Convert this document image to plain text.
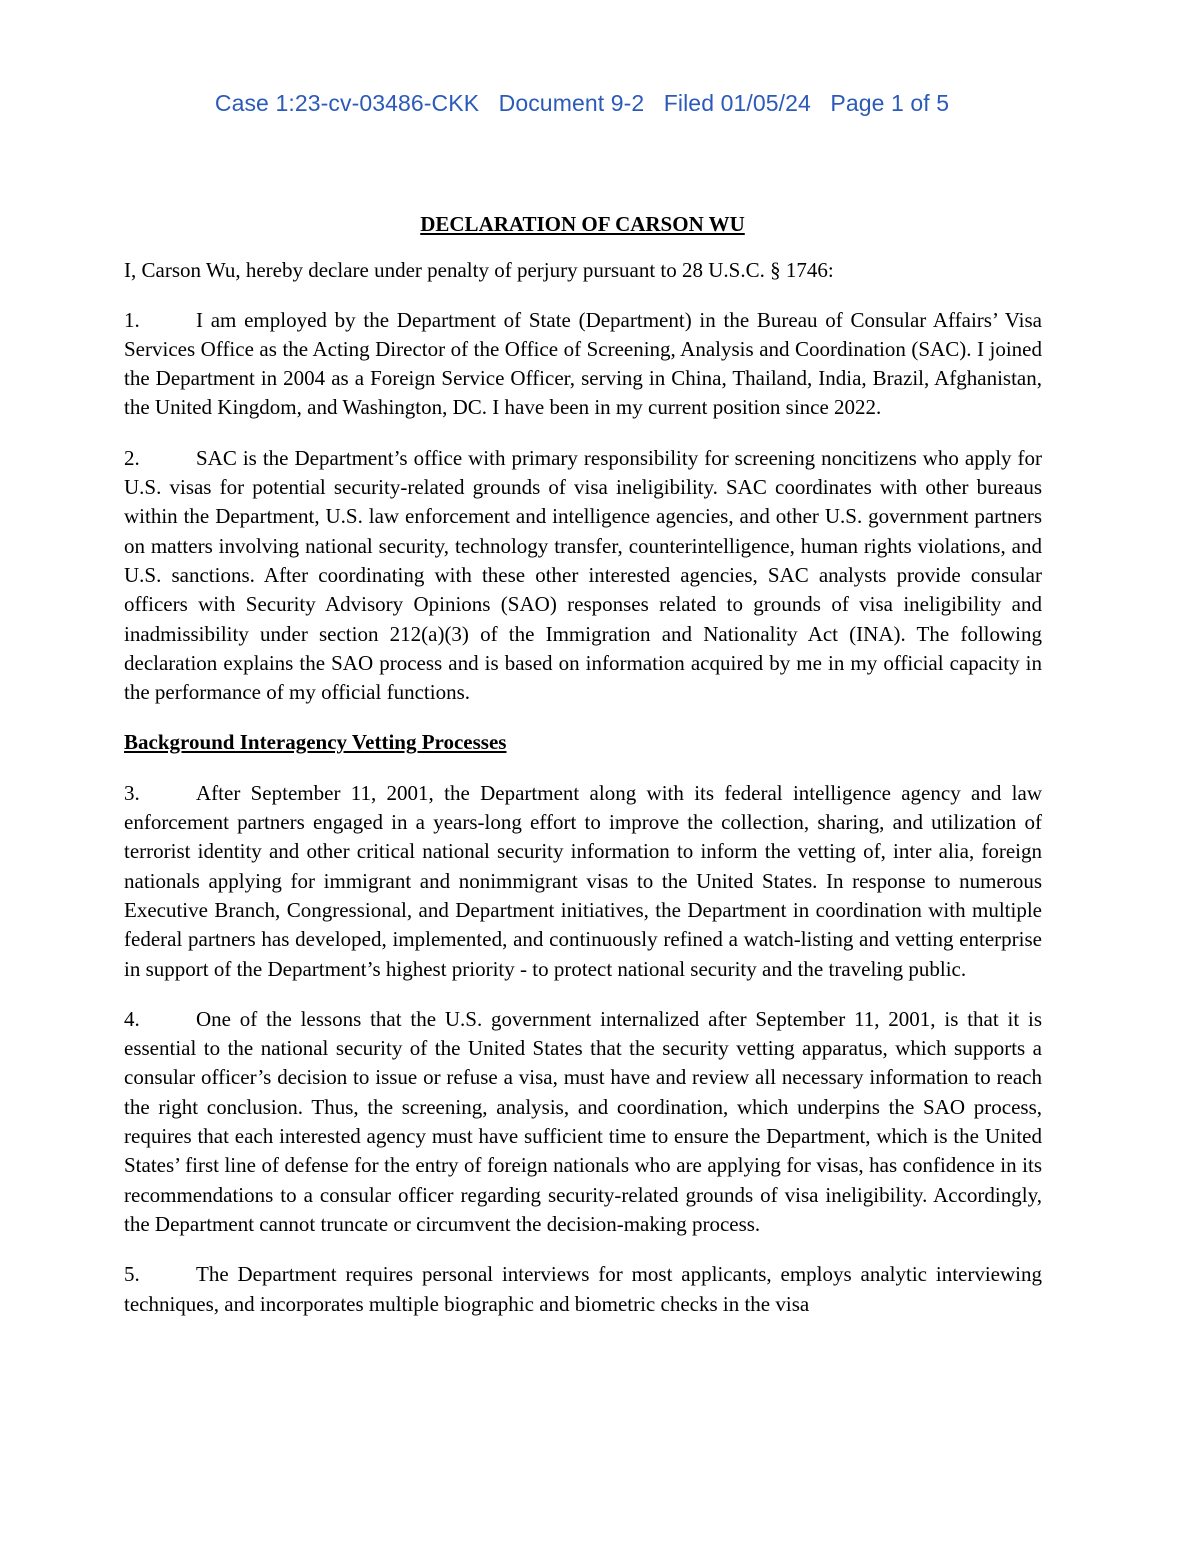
Case 1:23-cv-03486-CKK   Document 9-2   Filed 01/05/24   Page 1 of 5
DECLARATION OF CARSON WU
I, Carson Wu, hereby declare under penalty of perjury pursuant to 28 U.S.C. § 1746:
1.	I am employed by the Department of State (Department) in the Bureau of Consular Affairs’ Visa Services Office as the Acting Director of the Office of Screening, Analysis and Coordination (SAC). I joined the Department in 2004 as a Foreign Service Officer, serving in China, Thailand, India, Brazil, Afghanistan, the United Kingdom, and Washington, DC. I have been in my current position since 2022.
2.	SAC is the Department’s office with primary responsibility for screening noncitizens who apply for U.S. visas for potential security-related grounds of visa ineligibility. SAC coordinates with other bureaus within the Department, U.S. law enforcement and intelligence agencies, and other U.S. government partners on matters involving national security, technology transfer, counterintelligence, human rights violations, and U.S. sanctions. After coordinating with these other interested agencies, SAC analysts provide consular officers with Security Advisory Opinions (SAO) responses related to grounds of visa ineligibility and inadmissibility under section 212(a)(3) of the Immigration and Nationality Act (INA). The following declaration explains the SAO process and is based on information acquired by me in my official capacity in the performance of my official functions.
Background Interagency Vetting Processes
3.	After September 11, 2001, the Department along with its federal intelligence agency and law enforcement partners engaged in a years-long effort to improve the collection, sharing, and utilization of terrorist identity and other critical national security information to inform the vetting of, inter alia, foreign nationals applying for immigrant and nonimmigrant visas to the United States. In response to numerous Executive Branch, Congressional, and Department initiatives, the Department in coordination with multiple federal partners has developed, implemented, and continuously refined a watch-listing and vetting enterprise in support of the Department’s highest priority - to protect national security and the traveling public.
4.	One of the lessons that the U.S. government internalized after September 11, 2001, is that it is essential to the national security of the United States that the security vetting apparatus, which supports a consular officer’s decision to issue or refuse a visa, must have and review all necessary information to reach the right conclusion. Thus, the screening, analysis, and coordination, which underpins the SAO process, requires that each interested agency must have sufficient time to ensure the Department, which is the United States’ first line of defense for the entry of foreign nationals who are applying for visas, has confidence in its recommendations to a consular officer regarding security-related grounds of visa ineligibility. Accordingly, the Department cannot truncate or circumvent the decision-making process.
5.	The Department requires personal interviews for most applicants, employs analytic interviewing techniques, and incorporates multiple biographic and biometric checks in the visa
